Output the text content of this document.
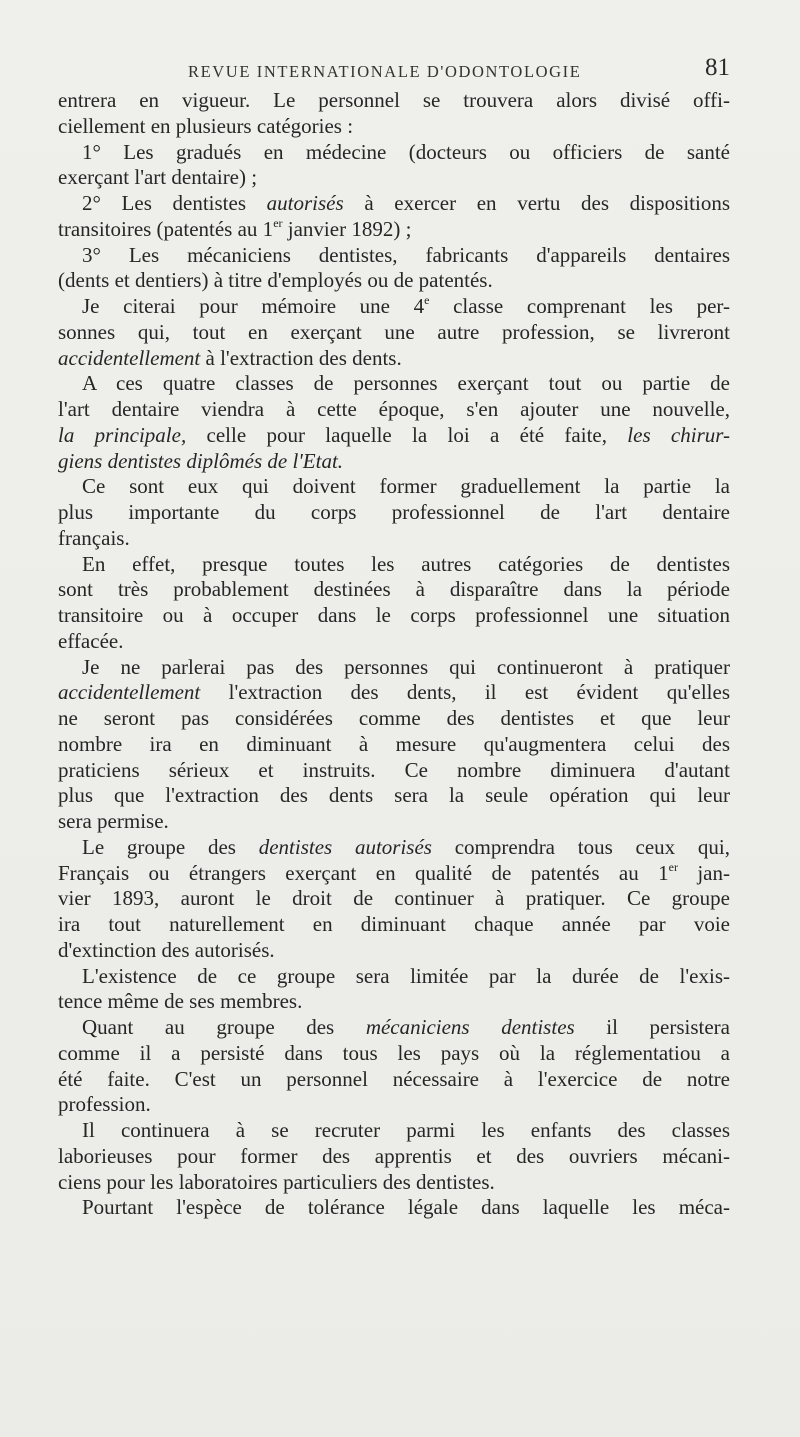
REVUE INTERNATIONALE D'ODONTOLOGIE	81
entrera en vigueur. Le personnel se trouvera alors divisé offi-
ciellement en plusieurs catégories :
1° Les gradués en médecine (docteurs ou officiers de santé
exerçant l'art dentaire) ;
2° Les dentistes autorisés à exercer en vertu des dispositions
transitoires (patentés au 1er janvier 1892) ;
3° Les mécaniciens dentistes, fabricants d'appareils dentaires
(dents et dentiers) à titre d'employés ou de patentés.
Je citerai pour mémoire une 4e classe comprenant les per-
sonnes qui, tout en exerçant une autre profession, se livreront
accidentellement à l'extraction des dents.
A ces quatre classes de personnes exerçant tout ou partie de
l'art dentaire viendra à cette époque, s'en ajouter une nouvelle,
la principale, celle pour laquelle la loi a été faite, les chirur-
giens dentistes diplômés de l'Etat.
Ce sont eux qui doivent former graduellement la partie la
plus importante du corps professionnel de l'art dentaire
français.
En effet, presque toutes les autres catégories de dentistes
sont très probablement destinées à disparaître dans la période
transitoire ou à occuper dans le corps professionnel une situation
effacée.
Je ne parlerai pas des personnes qui continueront à pratiquer
accidentellement l'extraction des dents, il est évident qu'elles
ne seront pas considérées comme des dentistes et que leur
nombre ira en diminuant à mesure qu'augmentera celui des
praticiens sérieux et instruits. Ce nombre diminuera d'autant
plus que l'extraction des dents sera la seule opération qui leur
sera permise.
Le groupe des dentistes autorisés comprendra tous ceux qui,
Français ou étrangers exerçant en qualité de patentés au 1er jan-
vier 1893, auront le droit de continuer à pratiquer. Ce groupe
ira tout naturellement en diminuant chaque année par voie
d'extinction des autorisés.
L'existence de ce groupe sera limitée par la durée de l'exis-
tence même de ses membres.
Quant au groupe des mécaniciens dentistes il persistera
comme il a persisté dans tous les pays où la réglementatiou a
été faite. C'est un personnel nécessaire à l'exercice de notre
profession.
Il continuera à se recruter parmi les enfants des classes
laborieuses pour former des apprentis et des ouvriers mécani-
ciens pour les laboratoires particuliers des dentistes.
Pourtant l'espèce de tolérance légale dans laquelle les méca-
